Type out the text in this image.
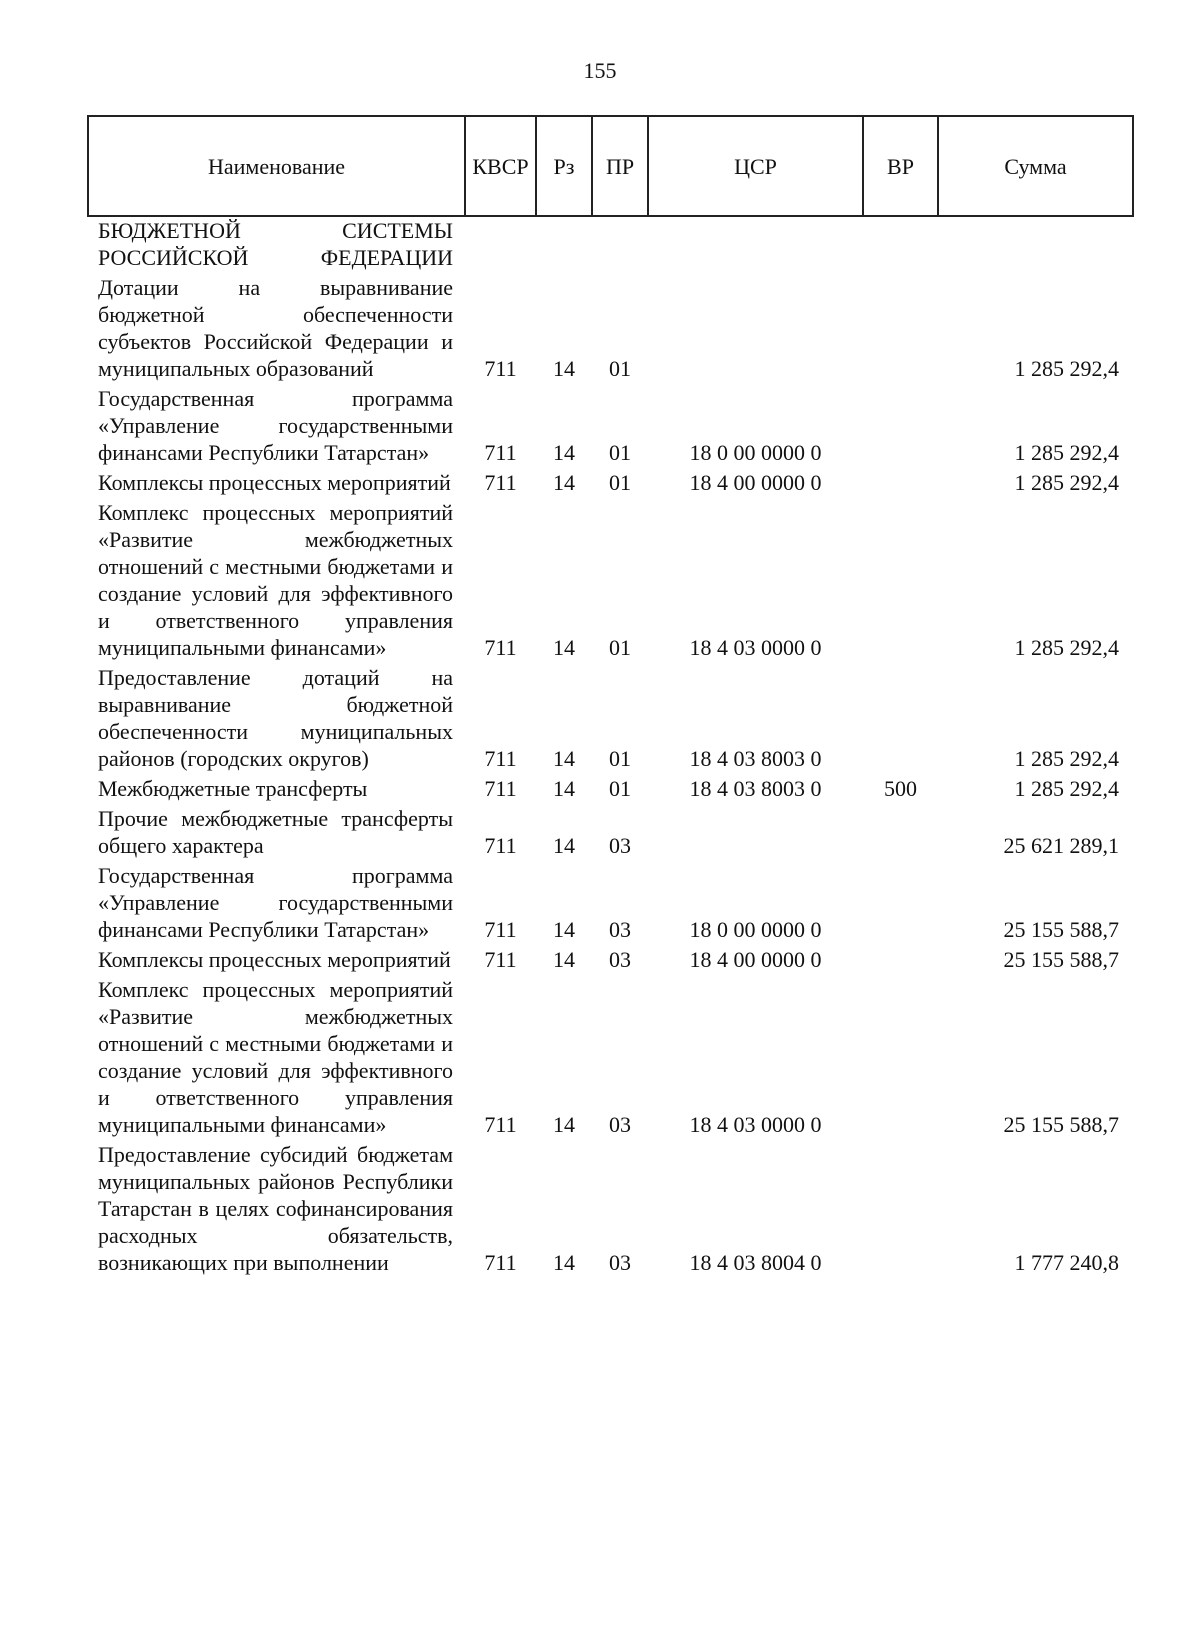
155
Наименование	КВСР	Рз	ПР	ЦСР	ВР	Сумма
БЮДЖЕТНОЙ СИСТЕМЫ РОССИЙСКОЙ ФЕДЕРАЦИИ						
Дотации на выравнивание бюджетной обеспеченности субъектов Российской Федерации и муниципальных образований	711	14	01			1 285 292,4
Государственная программа «Управление государственными финансами Республики Татарстан»	711	14	01	18 0 00 0000 0		1 285 292,4
Комплексы процессных мероприятий	711	14	01	18 4 00 0000 0		1 285 292,4
Комплекс процессных мероприятий «Развитие межбюджетных отношений с местными бюджетами и создание условий для эффективного и ответственного управления муниципальными финансами»	711	14	01	18 4 03 0000 0		1 285 292,4
Предоставление дотаций на выравнивание бюджетной обеспеченности муниципальных районов (городских округов)	711	14	01	18 4 03 8003 0		1 285 292,4
Межбюджетные трансферты	711	14	01	18 4 03 8003 0	500	1 285 292,4
Прочие межбюджетные трансферты общего характера	711	14	03			25 621 289,1
Государственная программа «Управление государственными финансами Республики Татарстан»	711	14	03	18 0 00 0000 0		25 155 588,7
Комплексы процессных мероприятий	711	14	03	18 4 00 0000 0		25 155 588,7
Комплекс процессных мероприятий «Развитие межбюджетных отношений с местными бюджетами и создание условий для эффективного и ответственного управления муниципальными финансами»	711	14	03	18 4 03 0000 0		25 155 588,7
Предоставление субсидий бюджетам муниципальных районов Республики Татарстан в целях софинансирования расходных обязательств, возникающих при выполнении	711	14	03	18 4 03 8004 0		1 777 240,8
